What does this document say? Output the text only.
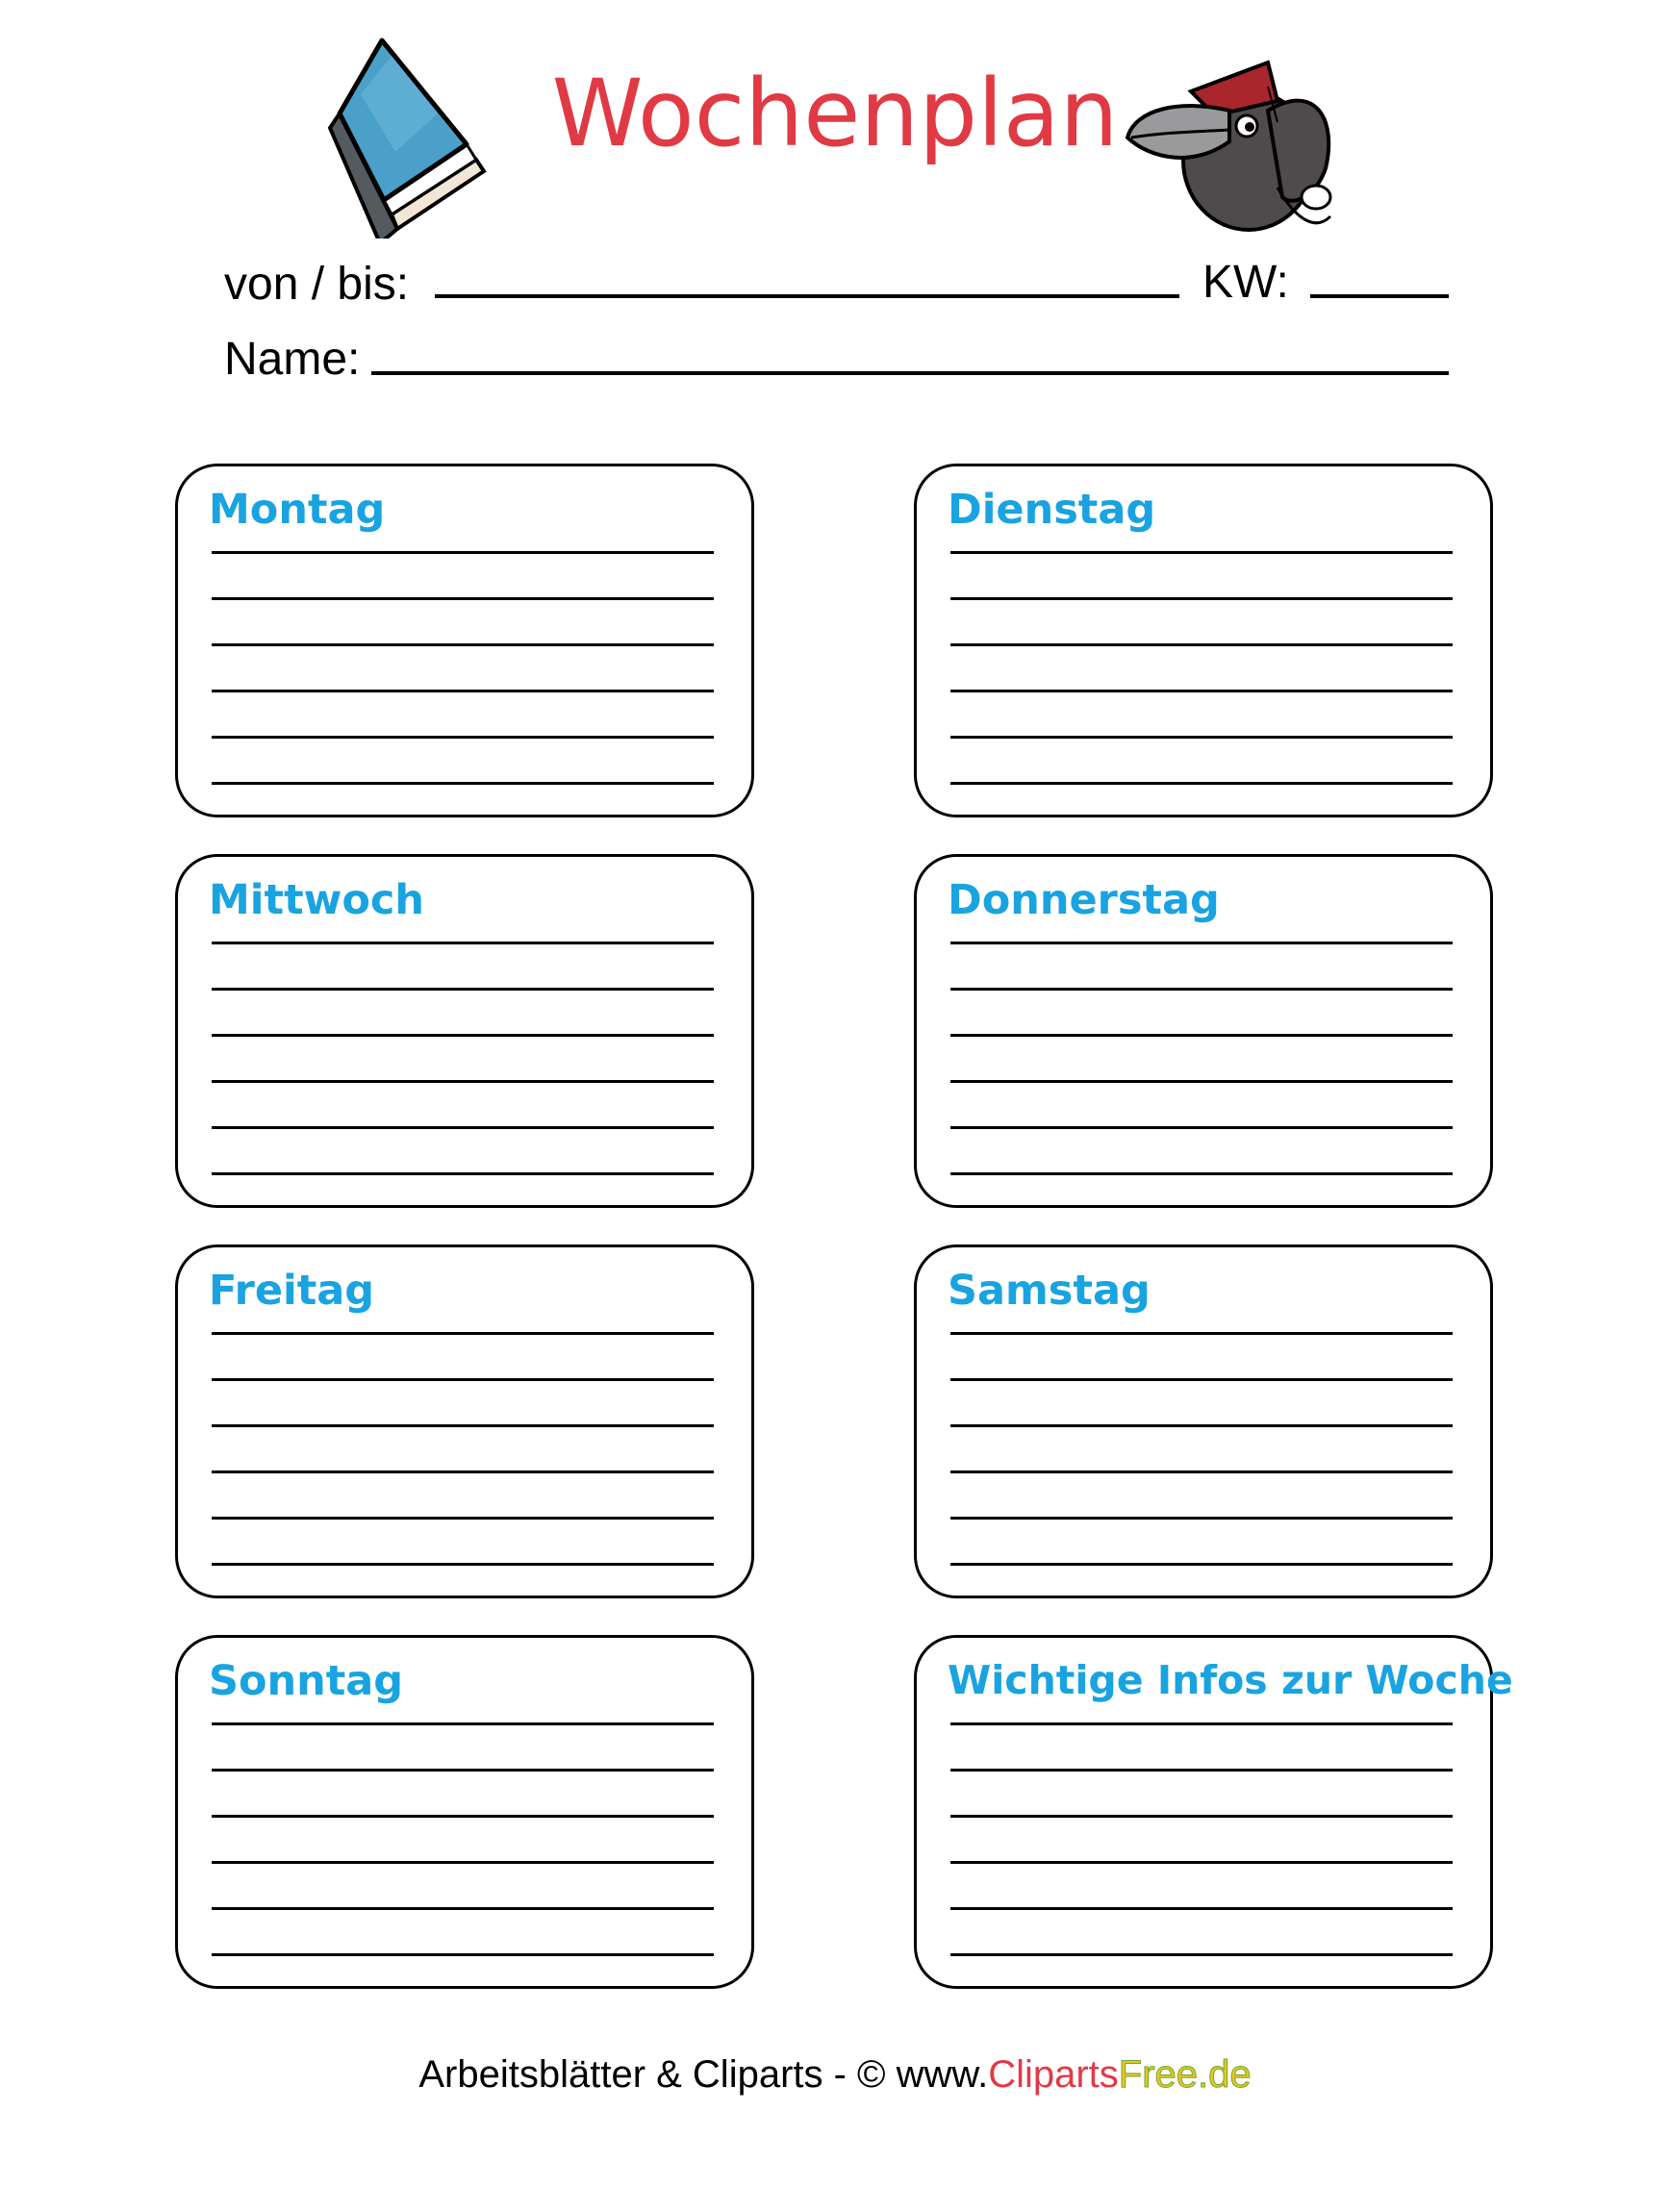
Wochenplan
von / bis:	KW:
Name:
Montag	Dienstag
Mittwoch	Donnerstag
Freitag	Samstag
Sonntag	Wichtige Infos zur Woche
Arbeitsblätter & Cliparts - © www.ClipartsFree.de
